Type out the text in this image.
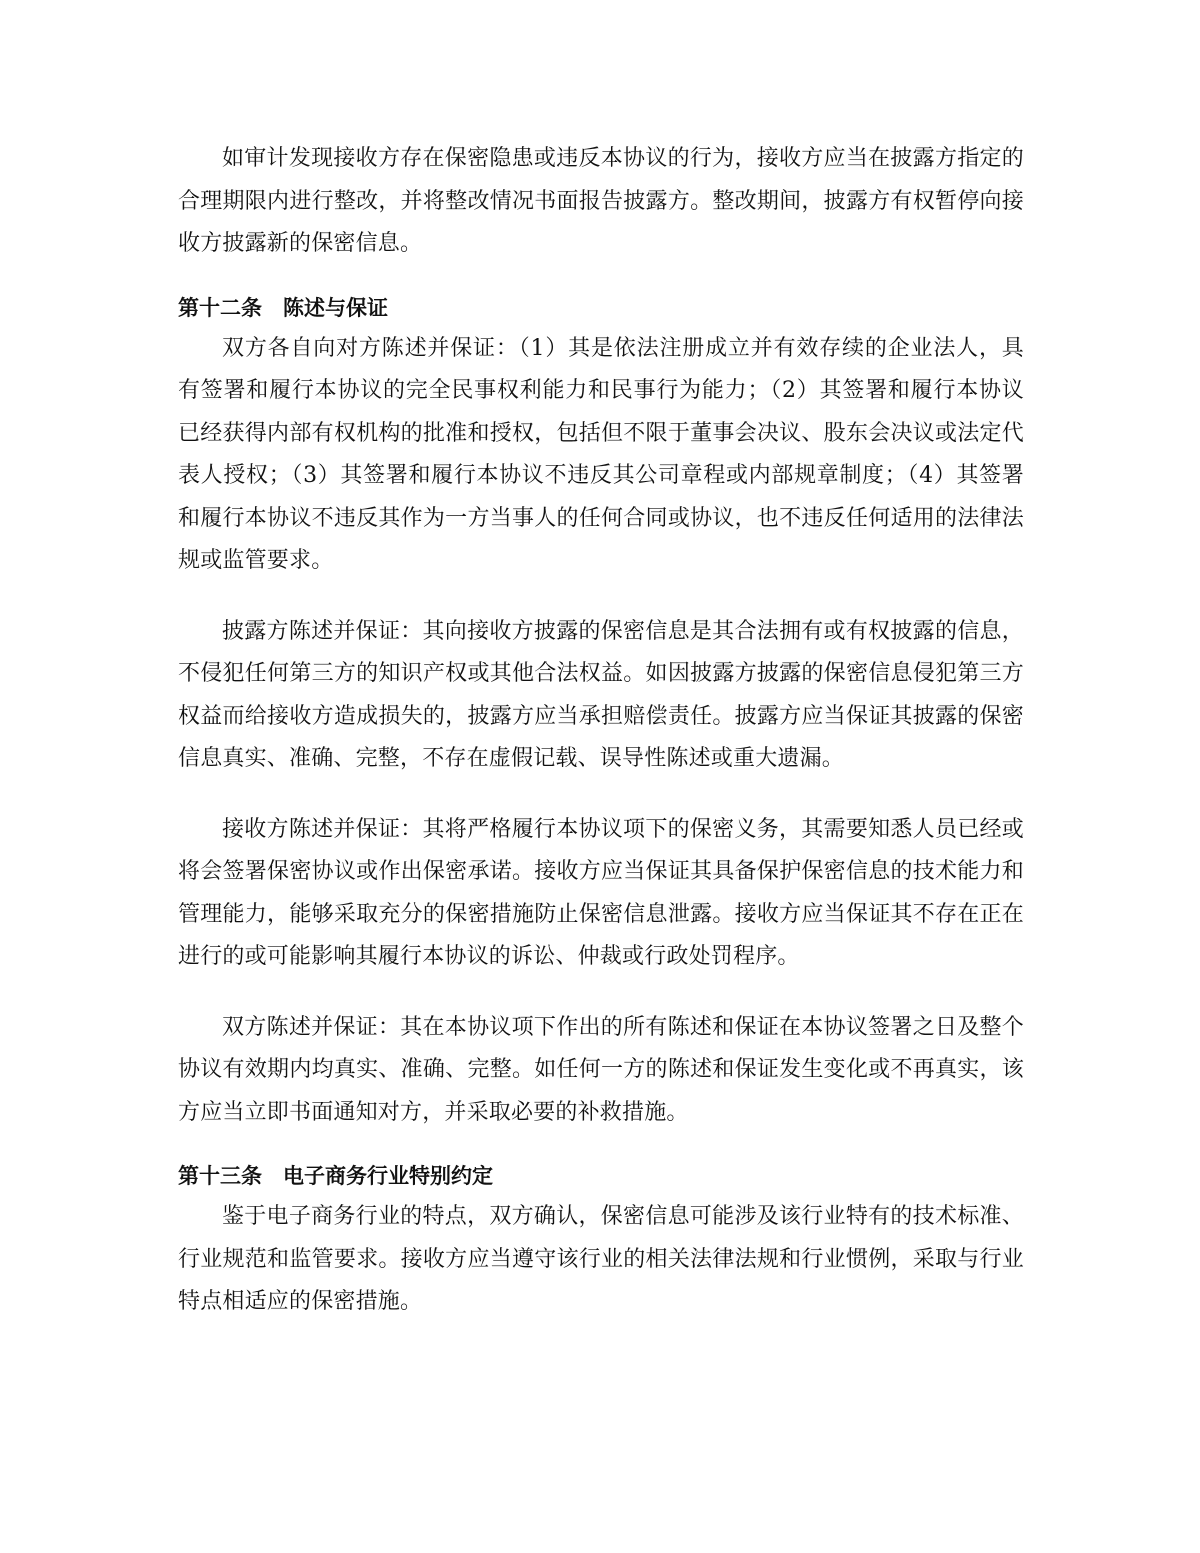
如审计发现接收方存在保密隐患或违反本协议的行为，接收方应当在披露方指定的合理期限内进行整改，并将整改情况书面报告披露方。整改期间，披露方有权暂停向接收方披露新的保密信息。

第十二条　陈述与保证

双方各自向对方陈述并保证：（1）其是依法注册成立并有效存续的企业法人，具有签署和履行本协议的完全民事权利能力和民事行为能力；（2）其签署和履行本协议已经获得内部有权机构的批准和授权，包括但不限于董事会决议、股东会决议或法定代表人授权；（3）其签署和履行本协议不违反其公司章程或内部规章制度；（4）其签署和履行本协议不违反其作为一方当事人的任何合同或协议，也不违反任何适用的法律法规或监管要求。

披露方陈述并保证：其向接收方披露的保密信息是其合法拥有或有权披露的信息，不侵犯任何第三方的知识产权或其他合法权益。如因披露方披露的保密信息侵犯第三方权益而给接收方造成损失的，披露方应当承担赔偿责任。披露方应当保证其披露的保密信息真实、准确、完整，不存在虚假记载、误导性陈述或重大遗漏。

接收方陈述并保证：其将严格履行本协议项下的保密义务，其需要知悉人员已经或将会签署保密协议或作出保密承诺。接收方应当保证其具备保护保密信息的技术能力和管理能力，能够采取充分的保密措施防止保密信息泄露。接收方应当保证其不存在正在进行的或可能影响其履行本协议的诉讼、仲裁或行政处罚程序。

双方陈述并保证：其在本协议项下作出的所有陈述和保证在本协议签署之日及整个协议有效期内均真实、准确、完整。如任何一方的陈述和保证发生变化或不再真实，该方应当立即书面通知对方，并采取必要的补救措施。

第十三条　电子商务行业特别约定

鉴于电子商务行业的特点，双方确认，保密信息可能涉及该行业特有的技术标准、行业规范和监管要求。接收方应当遵守该行业的相关法律法规和行业惯例，采取与行业特点相适应的保密措施。
